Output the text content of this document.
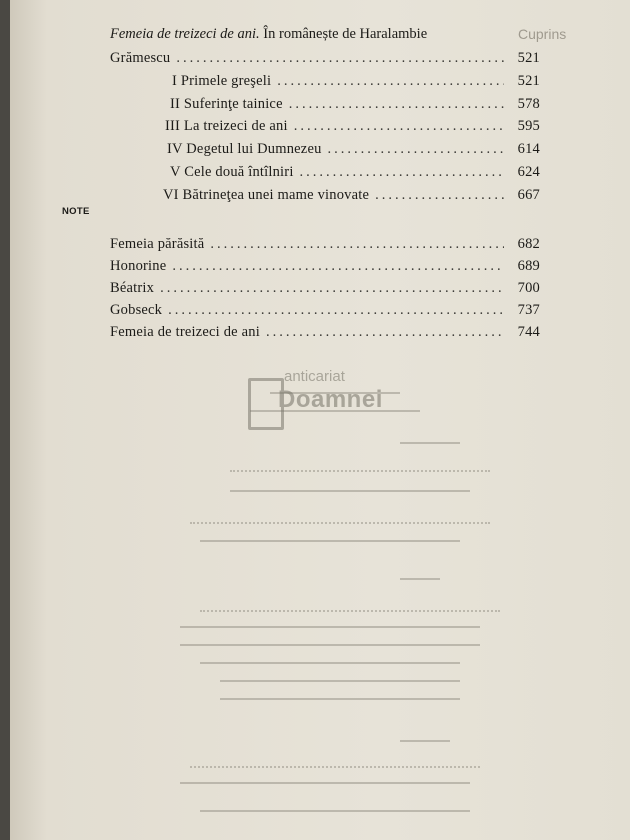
Cuprins
Femeia de treizeci de ani. În românește de Haralambie
Grămescu .....	521
I Primele greşeli .....	521
II Suferinţe tainice .....	578
III La treizeci de ani .....	595
IV Degetul lui Dumnezeu .....	614
V Cele două întîlniri .....	624
VI Bătrineţea unei mame vinovate .....	667
NOTE
Femeia părăsită .....	682
Honorine .....	689
Béatrix .....	700
Gobseck .....	737
Femeia de treizeci de ani .....	744
anticariat
Doamnei
